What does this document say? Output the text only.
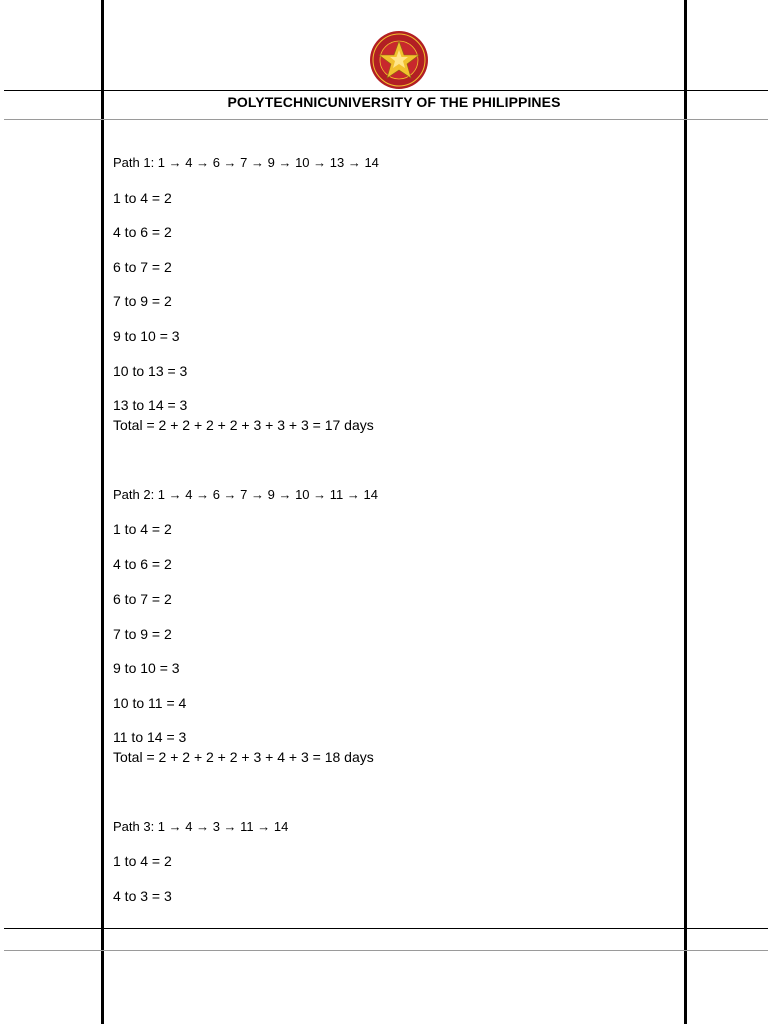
POLYTECHNICUNIVERSITY OF THE PHILIPPINES
Path 1: 1 → 4 → 6 → 7 → 9 → 10 → 13 → 14
1 to 4 = 2
4 to 6 = 2
6 to 7 = 2
7 to 9 = 2
9 to 10 = 3
10 to 13 = 3
13 to 14 = 3
Total = 2 + 2 + 2 + 2 + 3 + 3 + 3 = 17 days
Path 2: 1 → 4 → 6 → 7 → 9 → 10 → 11 → 14
1 to 4 = 2
4 to 6 = 2
6 to 7 = 2
7 to 9 = 2
9 to 10 = 3
10 to 11 = 4
11 to 14 = 3
Total = 2 + 2 + 2 + 2 + 3 + 4 + 3 = 18 days
Path 3: 1 → 4 → 3 → 11 → 14
1 to 4 = 2
4 to 3 = 3
